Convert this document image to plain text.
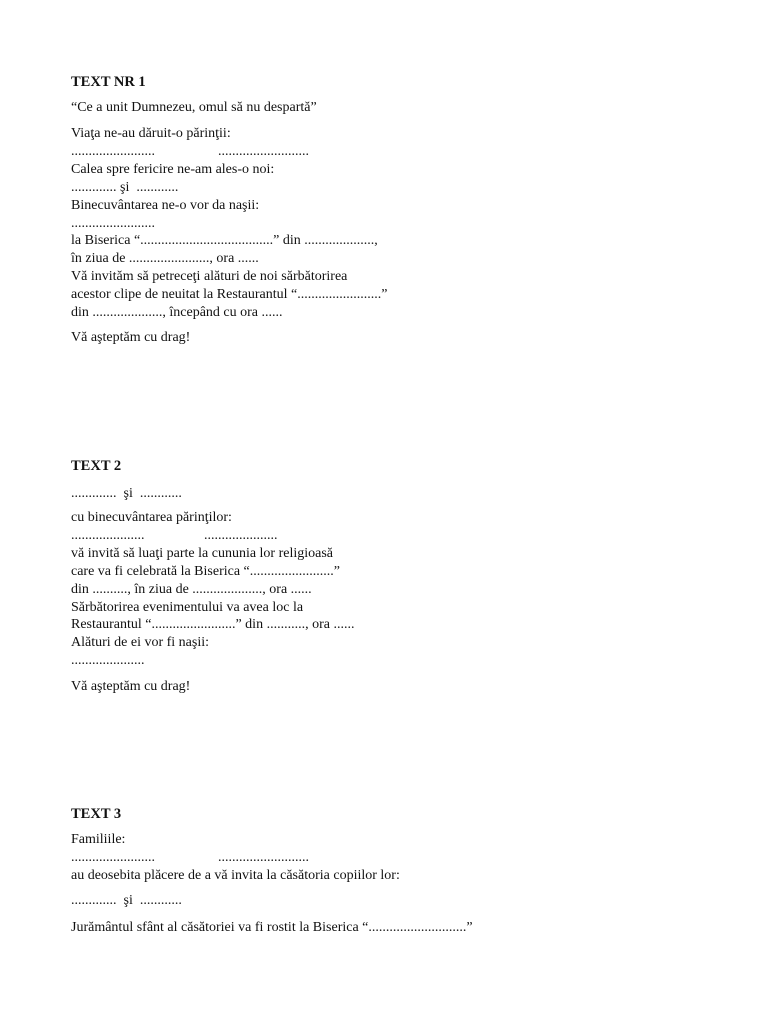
TEXT NR 1
“Ce a unit Dumnezeu, omul să nu despartă”
Viaţa ne-au dăruit-o părinţii:
........................                  ..........................
Calea spre fericire ne-am ales-o noi:
............. şi  ............
Binecuvântarea ne-o vor da naşii:
........................
la Biserica “......................................” din ....................,
în ziua de ......................., ora ......
Vă invităm să petreceţi alături de noi sărbătorirea
acestor clipe de neuitat la Restaurantul “........................”
din ...................., începând cu ora ......
Vă aşteptăm cu drag!
TEXT 2
.............  şi  ............
cu binecuvântarea părinţilor:
.....................                 .....................
vă invită să luaţi parte la cununia lor religioasă
care va fi celebrată la Biserica “........................”
din .........., în ziua de ...................., ora ......
Sărbătorirea evenimentului va avea loc la
Restaurantul “........................” din ..........., ora ......
Alături de ei vor fi naşii:
.....................
Vă aşteptăm cu drag!
TEXT 3
Familiile:
........................                  ..........................
au deosebita plăcere de a vă invita la căsătoria copiilor lor:
.............  şi  ............
Jurământul sfânt al căsătoriei va fi rostit la Biserica “............................”
